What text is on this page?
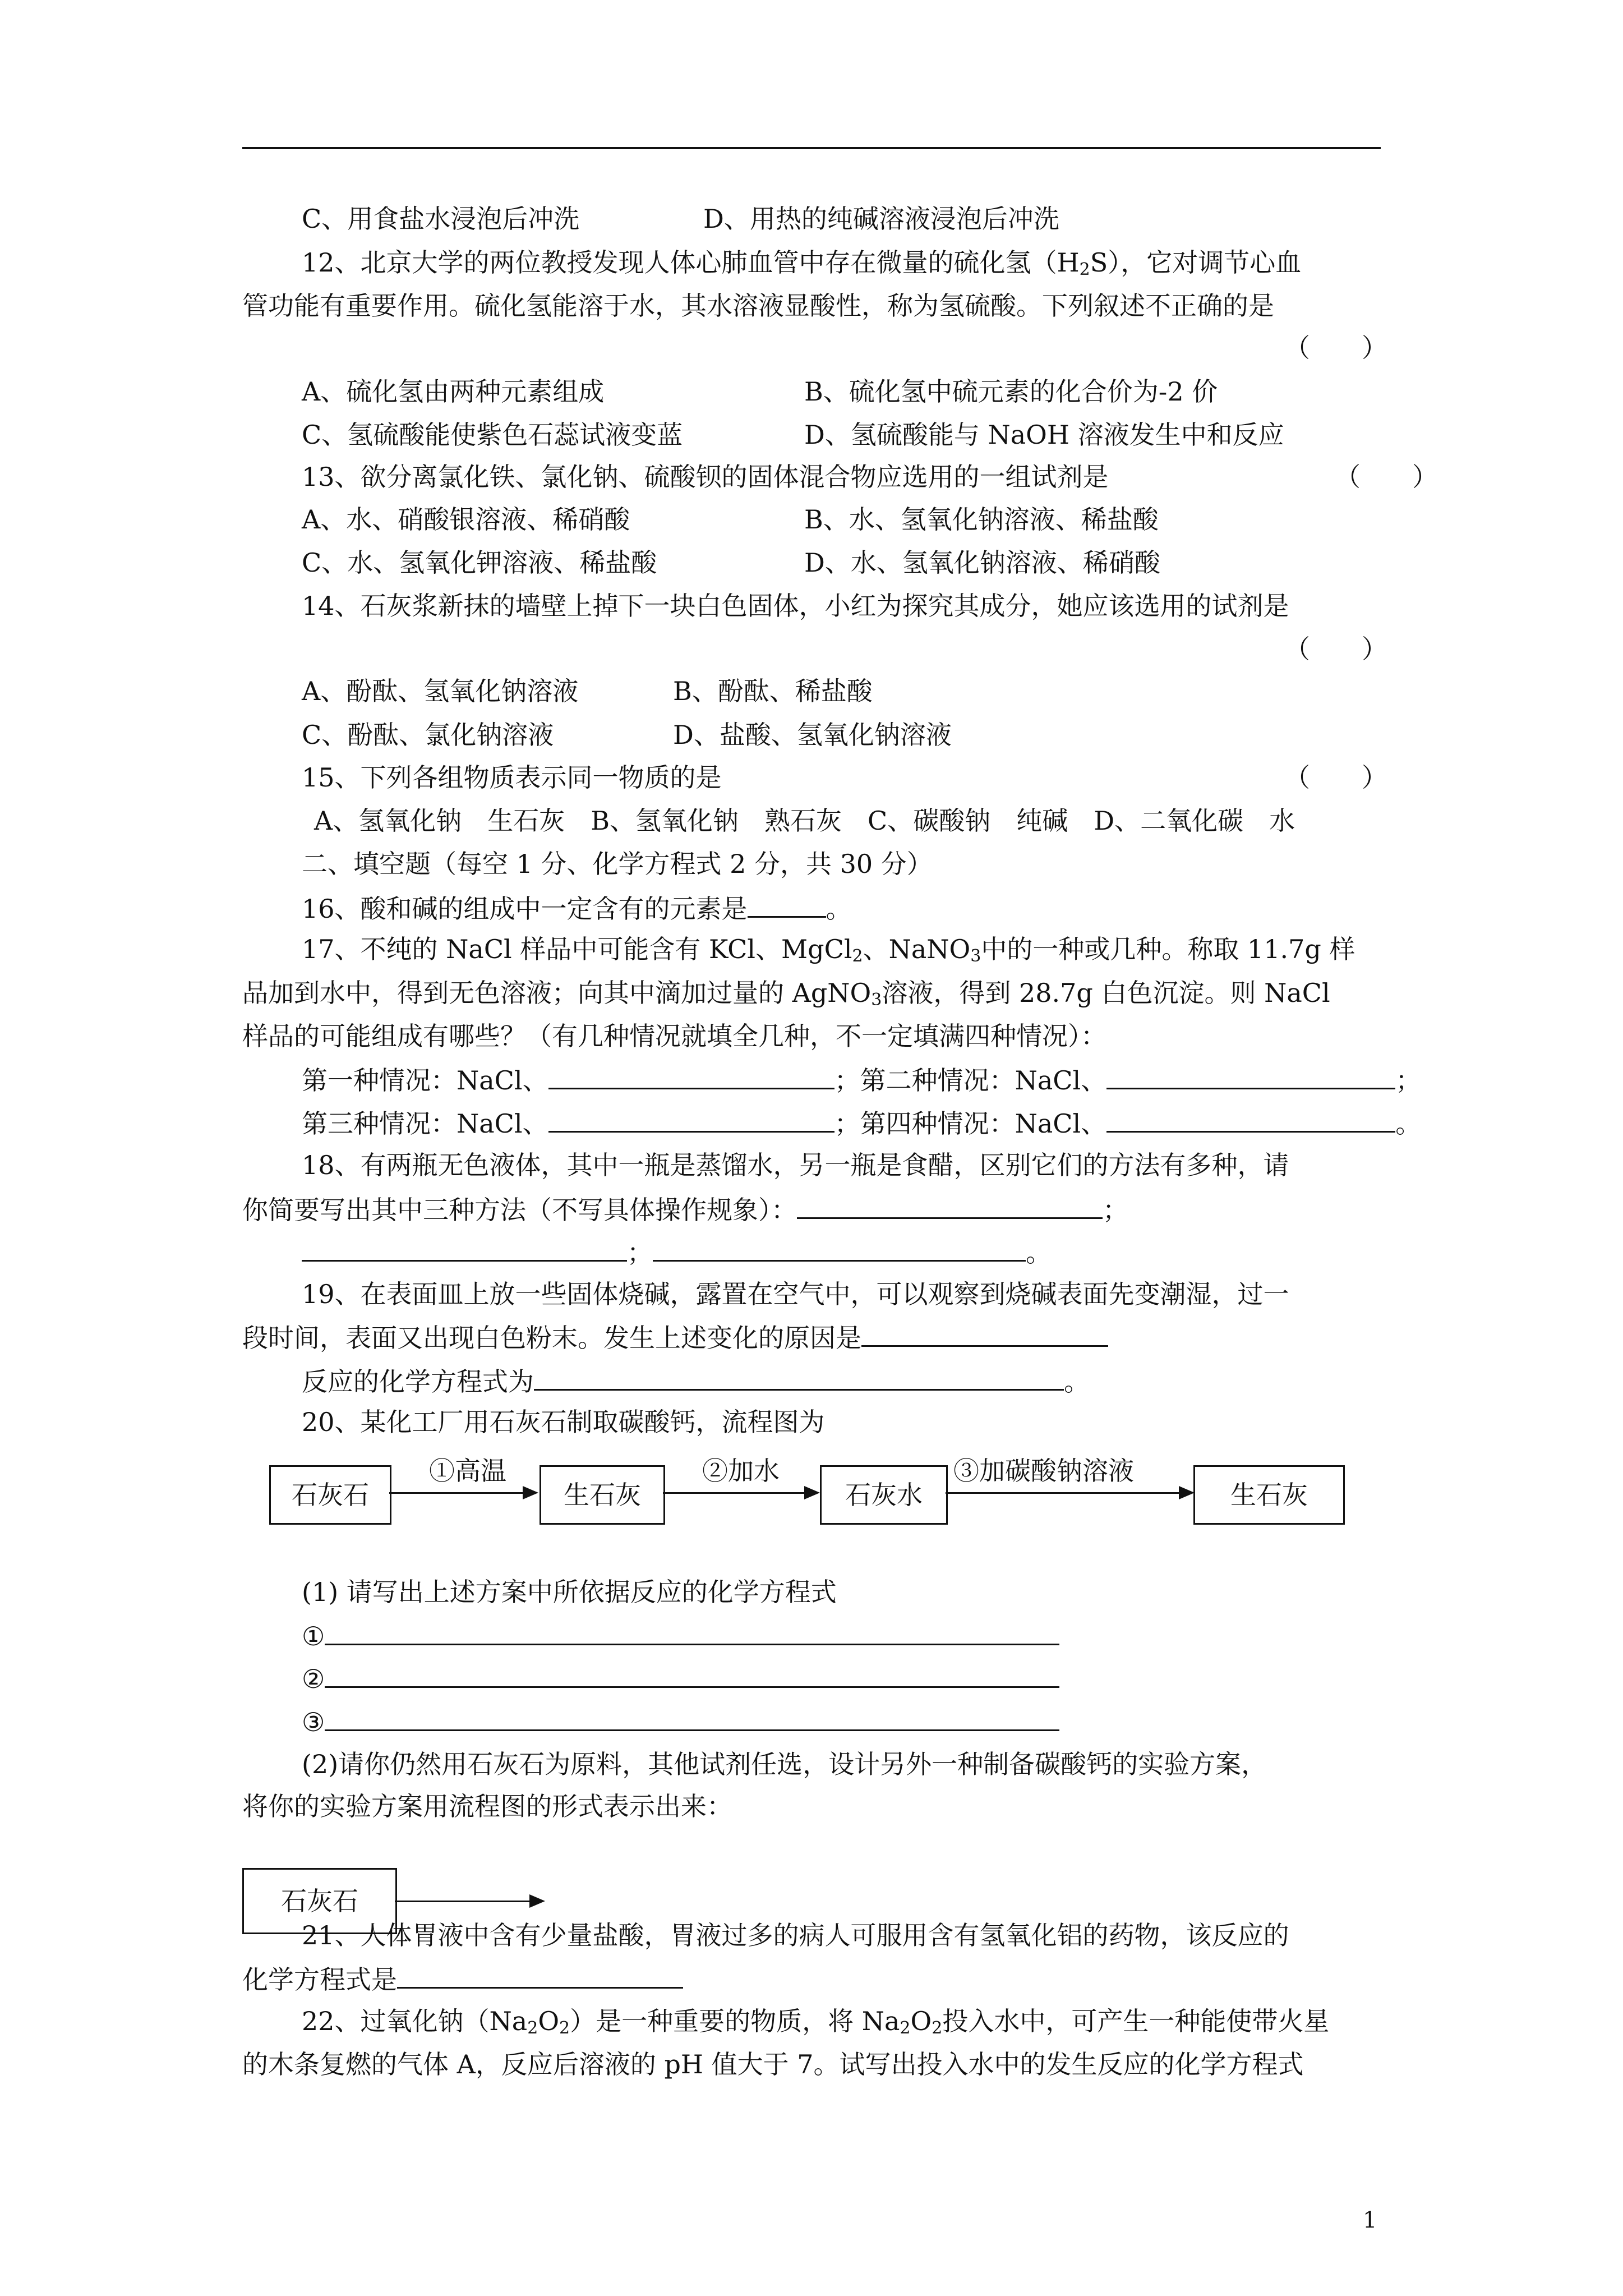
C、用食盐水浸泡后冲洗	D、用热的纯碱溶液浸泡后冲洗
12、北京大学的两位教授发现人体心肺血管中存在微量的硫化氢$(H_2S)$，它对调节心血
管功能有重要作用。硫化氢能溶于水，其水溶液显酸性，称为氢硫酸。下列叙述不正确的是
（　　）
A、硫化氢由两种元素组成	B、硫化氢中硫元素的化合价为-2 价
C、氢硫酸能使紫色石蕊试液变蓝	D、氢硫酸能与 NaOH 溶液发生中和反应
13、欲分离氯化铁、氯化钠、硫酸钡的固体混合物应选用的一组试剂是	（　　）
A、水、硝酸银溶液、稀硝酸	B、水、氢氧化钠溶液、稀盐酸
C、水、氢氧化钾溶液、稀盐酸	D、水、氢氧化钠溶液、稀硝酸
14、石灰浆新抹的墙壁上掉下一块白色固体，小红为探究其成分，她应该选用的试剂是
（　　）
A、酚酞、氢氧化钠溶液	B、酚酞、稀盐酸
C、酚酞、氯化钠溶液	D、盐酸、氢氧化钠溶液
15、下列各组物质表示同一物质的是	（　　）
A、氢氧化钠　生石灰　B、氢氧化钠　熟石灰　C、碳酸钠　纯碱　D、二氧化碳　水
二、填空题（每空 1 分、化学方程式 2 分，共 30 分）
16、酸和碱的组成中一定含有的元素是	。
17、不纯的 NaCl 样品中可能含有 KCl、MgCl$_2$、NaNO$_3$中的一种或几种。称取 11.7g 样
品加到水中，得到无色溶液；向其中滴加过量的 AgNO$_3$溶液，得到 28.7g 白色沉淀。则 NaCl
样品的可能组成有哪些？（有几种情况就填全几种，不一定填满四种情况）：
第一种情况：NaCl、	；第二种情况：NaCl、	；
第三种情况：NaCl、	；第四种情况：NaCl、	。
18、有两瓶无色液体，其中一瓶是蒸馏水，另一瓶是食醋，区别它们的方法有多种，请
你简要写出其中三种方法（不写具体操作规象）：	；
；	。
19、在表面皿上放一些固体烧碱，露置在空气中，可以观察到烧碱表面先变潮湿，过一
段时间，表面又出现白色粉末。发生上述变化的原因是
反应的化学方程式为	。
20、某化工厂用石灰石制取碳酸钙，流程图为
石灰石
①高温
生石灰
②加水
石灰水
③加碳酸钠溶液
生石灰
(1) 请写出上述方案中所依据反应的化学方程式
①
②
③
(2)请你仍然用石灰石为原料，其他试剂任选，设计另外一种制备碳酸钙的实验方案，
将你的实验方案用流程图的形式表示出来：
石灰石
21、人体胃液中含有少量盐酸，胃液过多的病人可服用含有氢氧化铝的药物，该反应的
化学方程式是
22、过氧化钠$(Na_2O_2)$是一种重要的物质，将 $Na_2O_2$投入水中，可产生一种能使带火星
的木条复燃的气体 A，反应后溶液的 pH 值大于 7。试写出投入水中的发生反应的化学方程式
1
